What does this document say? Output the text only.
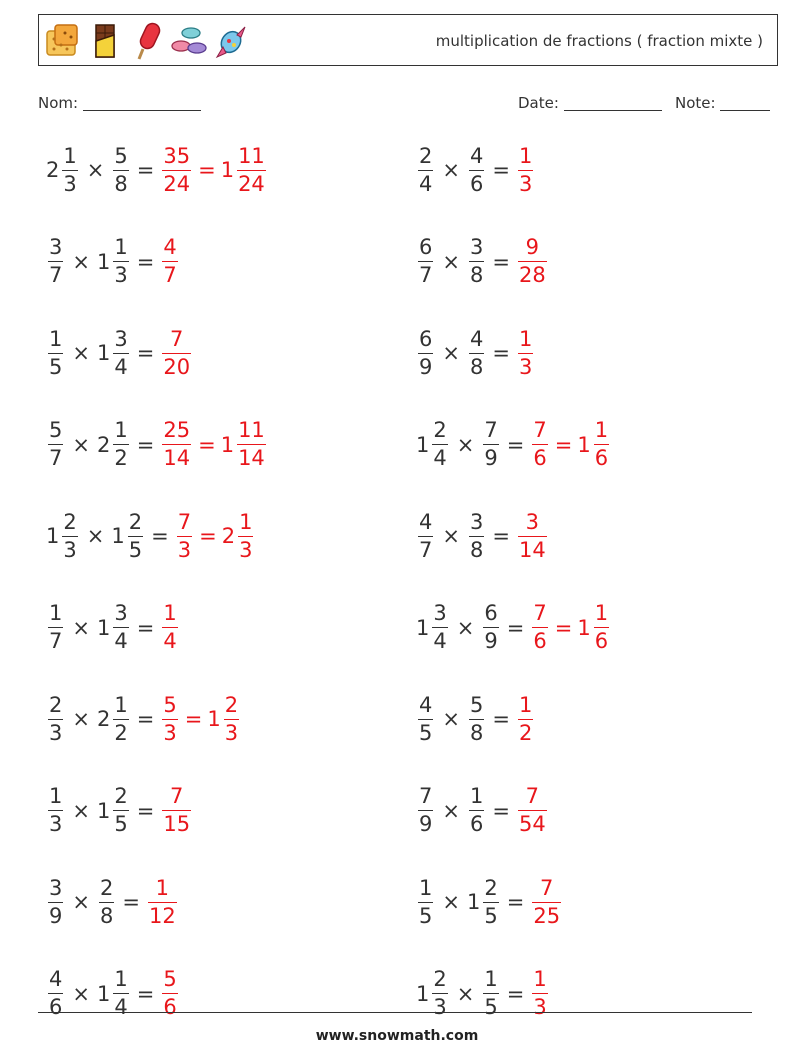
multiplication de fractions ( fraction mixte )
Nom:	Date:	Note:
$2 \frac{1}{3} \times \frac{5}{8} = \frac{35}{24} = 1 \frac{11}{24}$	$\frac{2}{4} \times \frac{4}{6} = \frac{1}{3}$
$\frac{3}{7} \times 1 \frac{1}{3} = \frac{4}{7}$	$\frac{6}{7} \times \frac{3}{8} = \frac{9}{28}$
$\frac{1}{5} \times 1 \frac{3}{4} = \frac{7}{20}$	$\frac{6}{9} \times \frac{4}{8} = \frac{1}{3}$
$\frac{5}{7} \times 2 \frac{1}{2} = \frac{25}{14} = 1 \frac{11}{14}$	$1 \frac{2}{4} \times \frac{7}{9} = \frac{7}{6} = 1 \frac{1}{6}$
$1 \frac{2}{3} \times 1 \frac{2}{5} = \frac{7}{3} = 2 \frac{1}{3}$	$\frac{4}{7} \times \frac{3}{8} = \frac{3}{14}$
$\frac{1}{7} \times 1 \frac{3}{4} = \frac{1}{4}$	$1 \frac{3}{4} \times \frac{6}{9} = \frac{7}{6} = 1 \frac{1}{6}$
$\frac{2}{3} \times 2 \frac{1}{2} = \frac{5}{3} = 1 \frac{2}{3}$	$\frac{4}{5} \times \frac{5}{8} = \frac{1}{2}$
$\frac{1}{3} \times 1 \frac{2}{5} = \frac{7}{15}$	$\frac{7}{9} \times \frac{1}{6} = \frac{7}{54}$
$\frac{3}{9} \times \frac{2}{8} = \frac{1}{12}$	$\frac{1}{5} \times 1 \frac{2}{5} = \frac{7}{25}$
$\frac{4}{6} \times 1 \frac{1}{4} = \frac{5}{6}$	$1 \frac{2}{3} \times \frac{1}{5} = \frac{1}{3}$
www.snowmath.com
